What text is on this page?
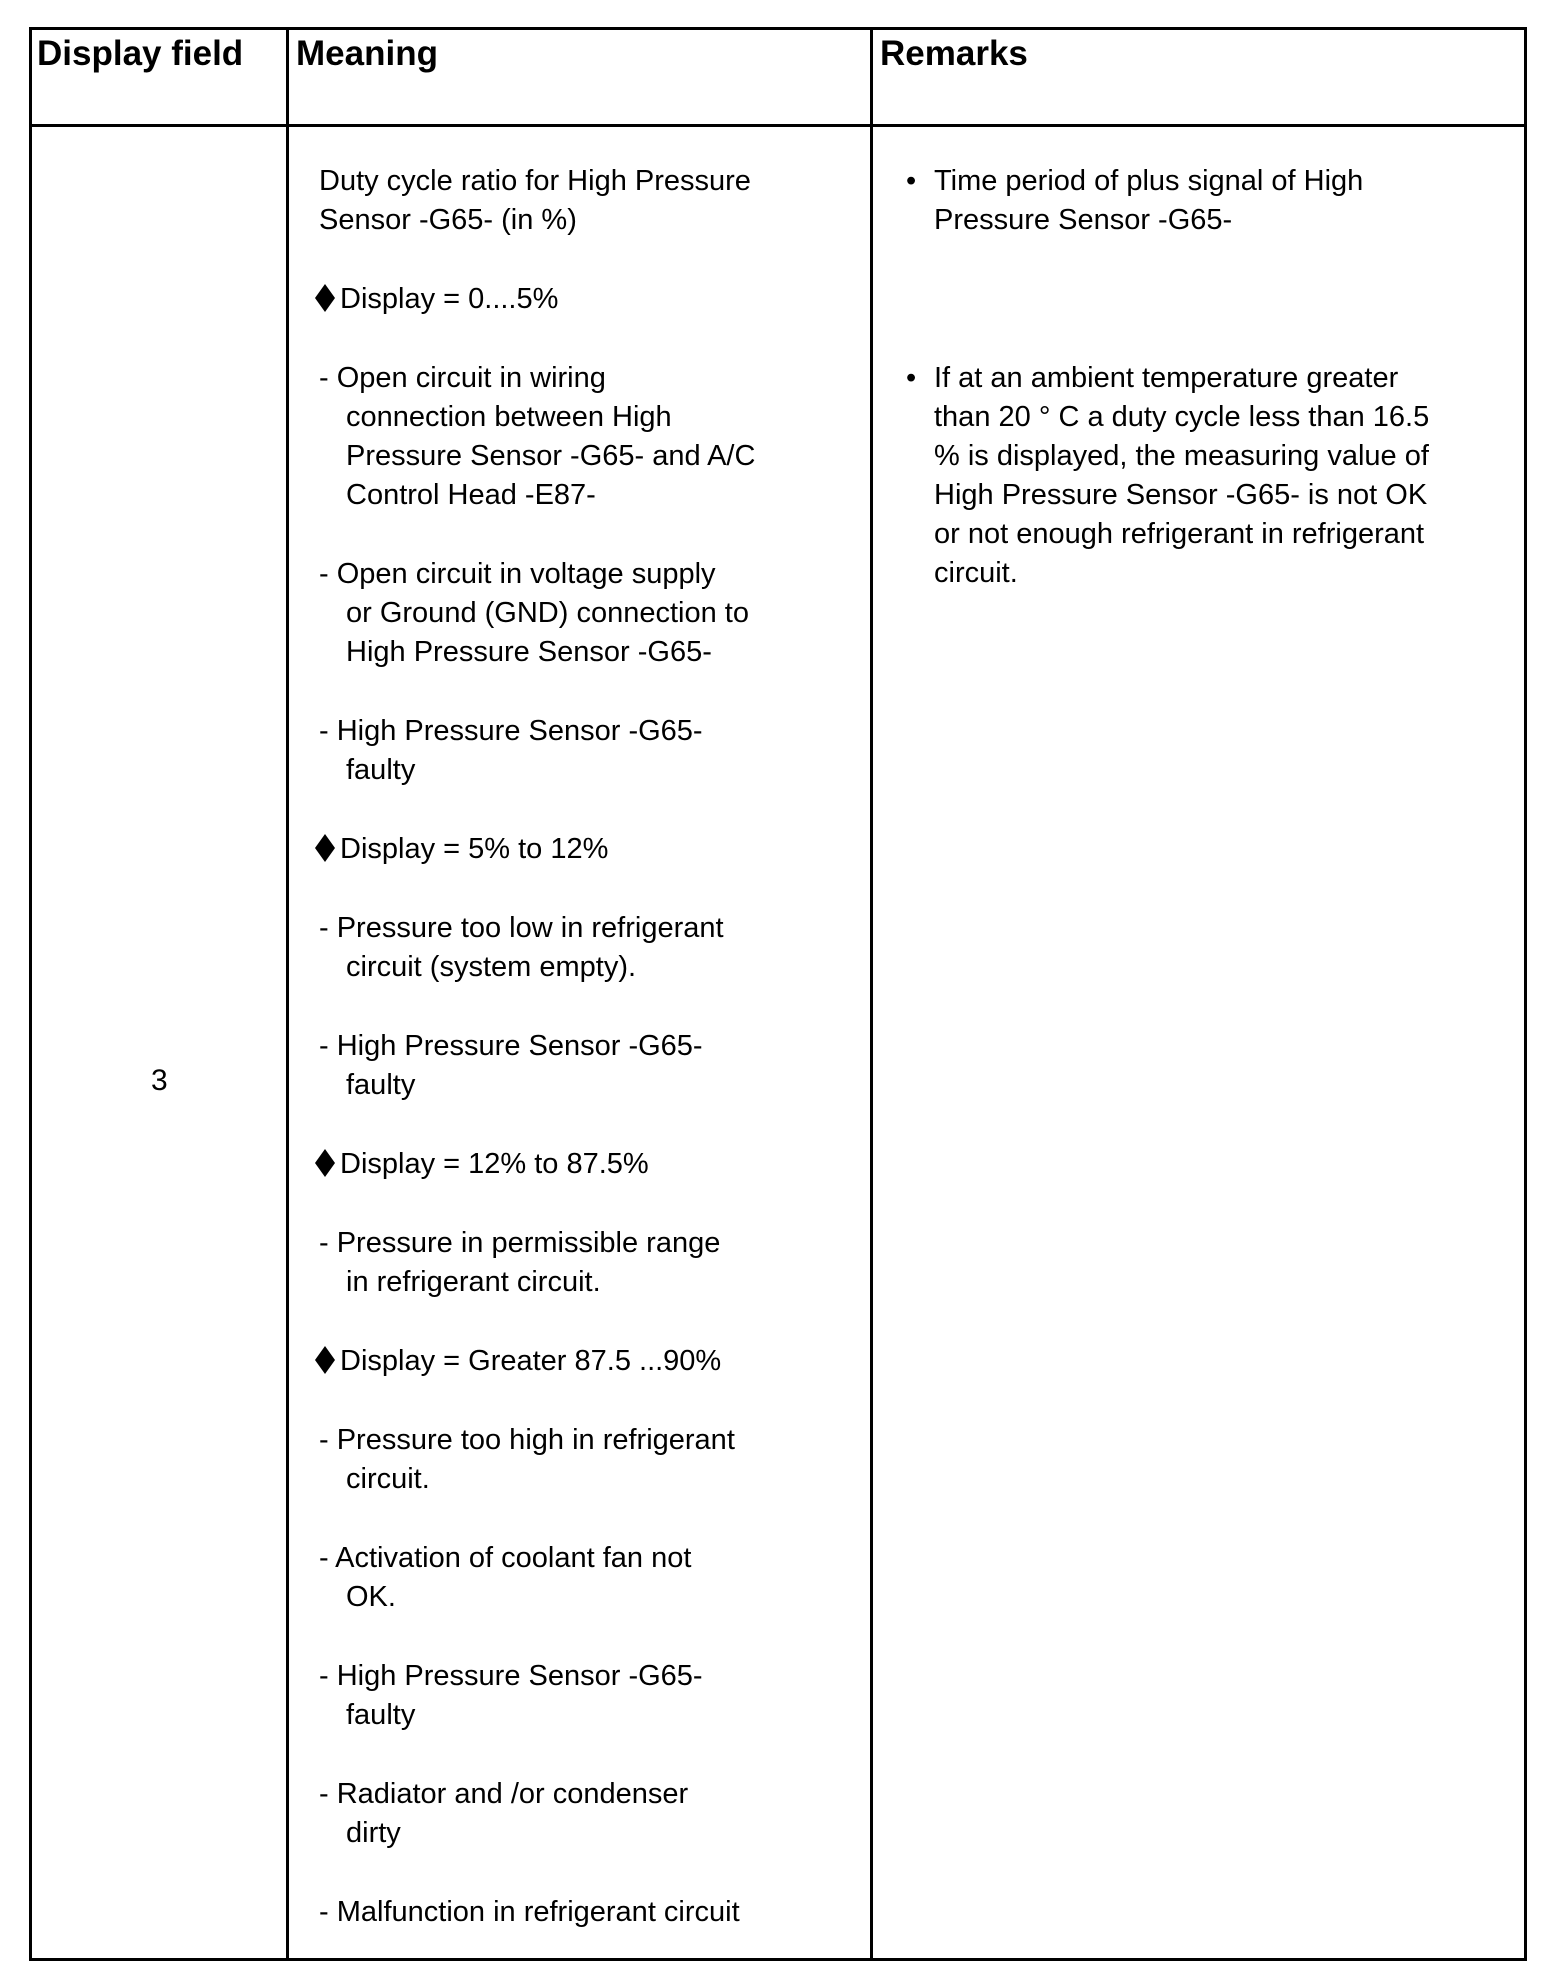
Display field Meaning	Remarks
3
Duty cycle ratio for High Pressure
Sensor -G65- (in %)
Display = 0....5%
- Open circuit in wiring
connection between High
Pressure Sensor -G65- and A/C
Control Head -E87-
- Open circuit in voltage supply
or Ground (GND) connection to
High Pressure Sensor -G65-
- High Pressure Sensor -G65-
faulty
Display = 5% to 12%
- Pressure too low in refrigerant
circuit (system empty).
- High Pressure Sensor -G65-
faulty
Display = 12% to 87.5%
- Pressure in permissible range
in refrigerant circuit.
Display = Greater 87.5 ...90%
- Pressure too high in refrigerant
circuit.
- Activation of coolant fan not
OK.
- High Pressure Sensor -G65-
faulty
- Radiator and /or condenser
dirty
- Malfunction in refrigerant circuit
• Time period of plus signal of High
Pressure Sensor -G65-
• If at an ambient temperature greater
than 20 ° C a duty cycle less than 16.5
% is displayed, the measuring value of
High Pressure Sensor -G65- is not OK
or not enough refrigerant in refrigerant
circuit.
